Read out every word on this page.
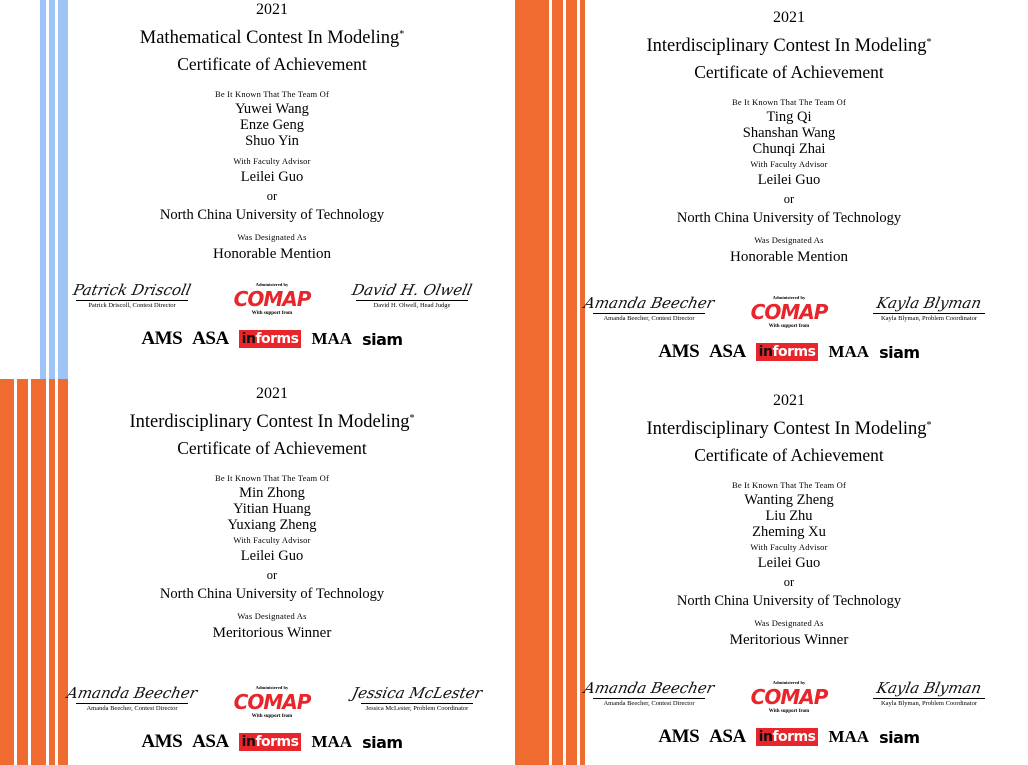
2021
Mathematical Contest In Modeling*
Certificate of Achievement
Be It Known That The Team Of
Yuwei Wang
Enze Geng
Shuo Yin
With Faculty Advisor
Leilei Guo
or
North China University of Technology
Was Designated As
Honorable Mention
Patrick Driscoll
Patrick Driscoll, Contest Director
Administered by
COMAP
With support from
David H. Olwell
David H. Olwell, Head Judge
AMS ASA informs MAA siam
2021
Interdisciplinary Contest In Modeling*
Certificate of Achievement
Be It Known That The Team Of
Ting Qi
Shanshan Wang
Chunqi Zhai
With Faculty Advisor
Leilei Guo
or
North China University of Technology
Was Designated As
Honorable Mention
Amanda Beecher
Amanda Beecher, Contest Director
Administered by
COMAP
With support from
Kayla Blyman
Kayla Blyman, Problem Coordinator
AMS ASA informs MAA siam
2021
Interdisciplinary Contest In Modeling*
Certificate of Achievement
Be It Known That The Team Of
Min Zhong
Yitian Huang
Yuxiang Zheng
With Faculty Advisor
Leilei Guo
or
North China University of Technology
Was Designated As
Meritorious Winner
Amanda Beecher
Amanda Beecher, Contest Director
Administered by
COMAP
With support from
Jessica McLester
Jessica McLester, Problem Coordinator
AMS ASA informs MAA siam
2021
Interdisciplinary Contest In Modeling*
Certificate of Achievement
Be It Known That The Team Of
Wanting Zheng
Liu Zhu
Zheming Xu
With Faculty Advisor
Leilei Guo
or
North China University of Technology
Was Designated As
Meritorious Winner
Amanda Beecher
Amanda Beecher, Contest Director
Administered by
COMAP
With support from
Kayla Blyman
Kayla Blyman, Problem Coordinator
AMS ASA informs MAA siam
